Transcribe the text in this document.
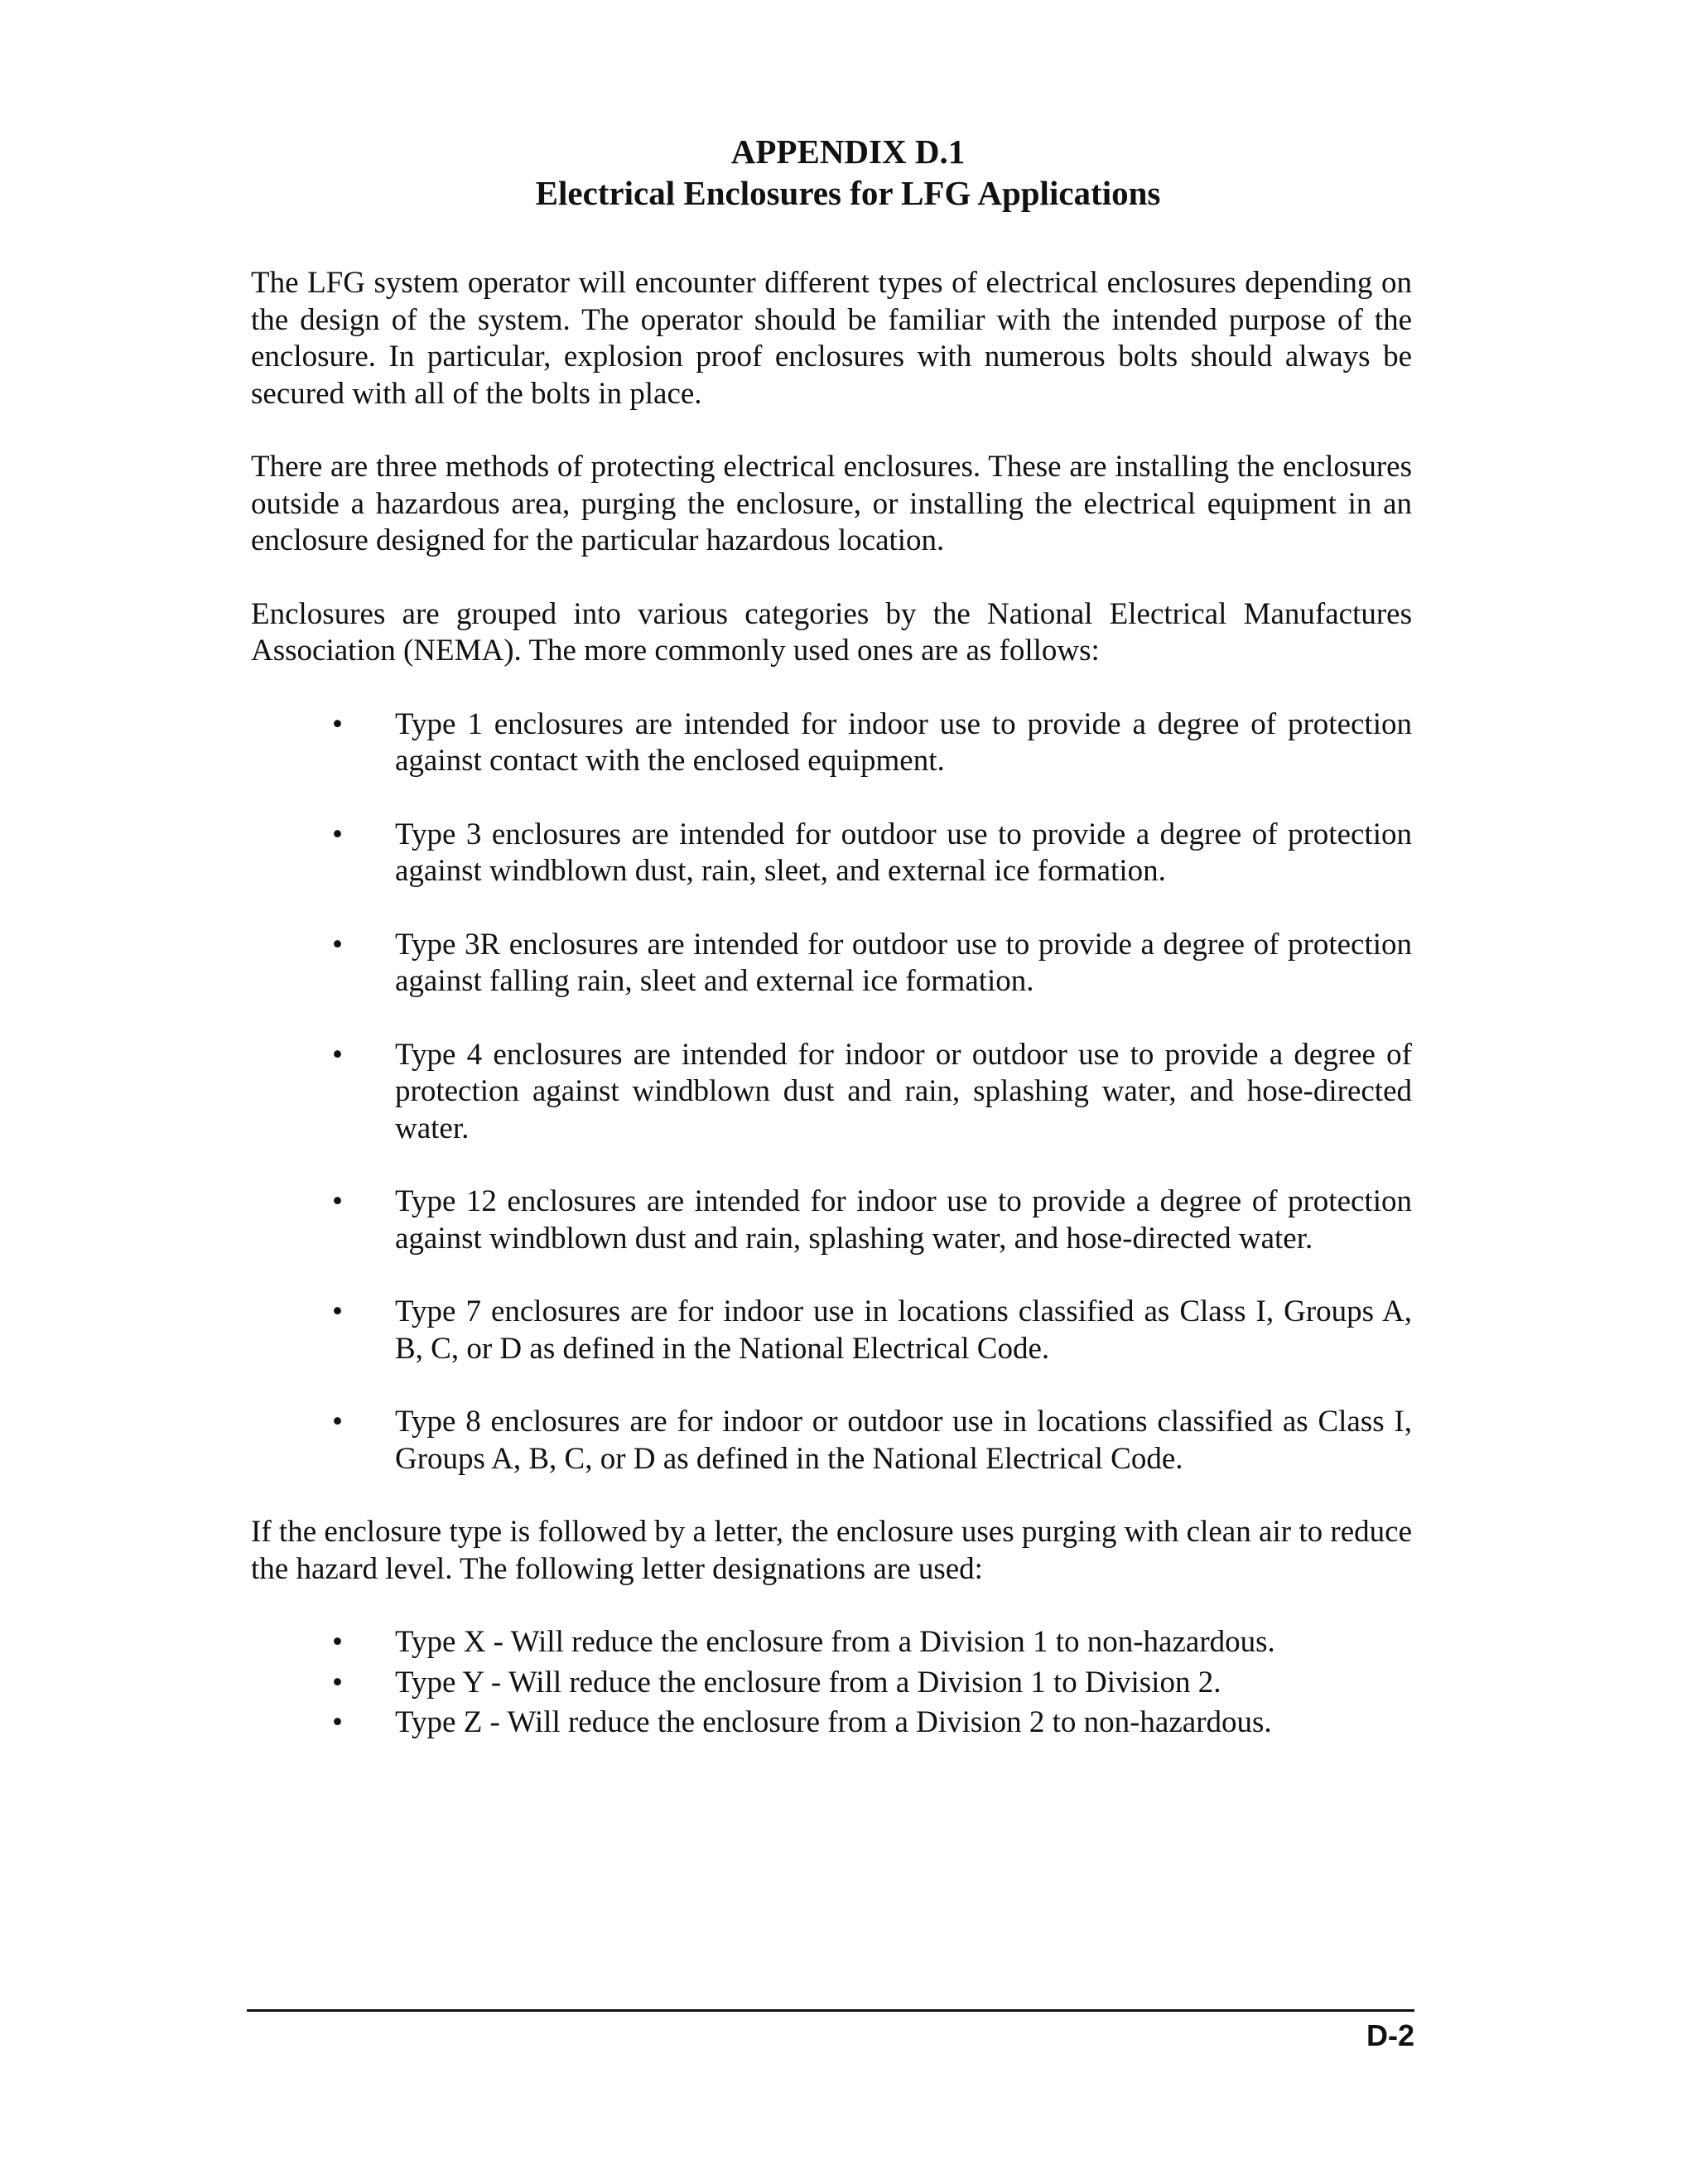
APPENDIX D.1
Electrical Enclosures for LFG Applications

The LFG system operator will encounter different types of electrical enclosures depending on the design of the system. The operator should be familiar with the intended purpose of the enclosure. In particular, explosion proof enclosures with numerous bolts should always be secured with all of the bolts in place.

There are three methods of protecting electrical enclosures. These are installing the enclosures outside a hazardous area, purging the enclosure, or installing the electrical equipment in an enclosure designed for the particular hazardous location.

Enclosures are grouped into various categories by the National Electrical Manufactures Association (NEMA). The more commonly used ones are as follows:

• Type 1 enclosures are intended for indoor use to provide a degree of protection against contact with the enclosed equipment.
• Type 3 enclosures are intended for outdoor use to provide a degree of protection against windblown dust, rain, sleet, and external ice formation.
• Type 3R enclosures are intended for outdoor use to provide a degree of protection against falling rain, sleet and external ice formation.
• Type 4 enclosures are intended for indoor or outdoor use to provide a degree of protection against windblown dust and rain, splashing water, and hose-directed water.
• Type 12 enclosures are intended for indoor use to provide a degree of protection against windblown dust and rain, splashing water, and hose-directed water.
• Type 7 enclosures are for indoor use in locations classified as Class I, Groups A, B, C, or D as defined in the National Electrical Code.
• Type 8 enclosures are for indoor or outdoor use in locations classified as Class I, Groups A, B, C, or D as defined in the National Electrical Code.

If the enclosure type is followed by a letter, the enclosure uses purging with clean air to reduce the hazard level. The following letter designations are used:

• Type X - Will reduce the enclosure from a Division 1 to non-hazardous.
• Type Y - Will reduce the enclosure from a Division 1 to Division 2.
• Type Z - Will reduce the enclosure from a Division 2 to non-hazardous.
D-2
